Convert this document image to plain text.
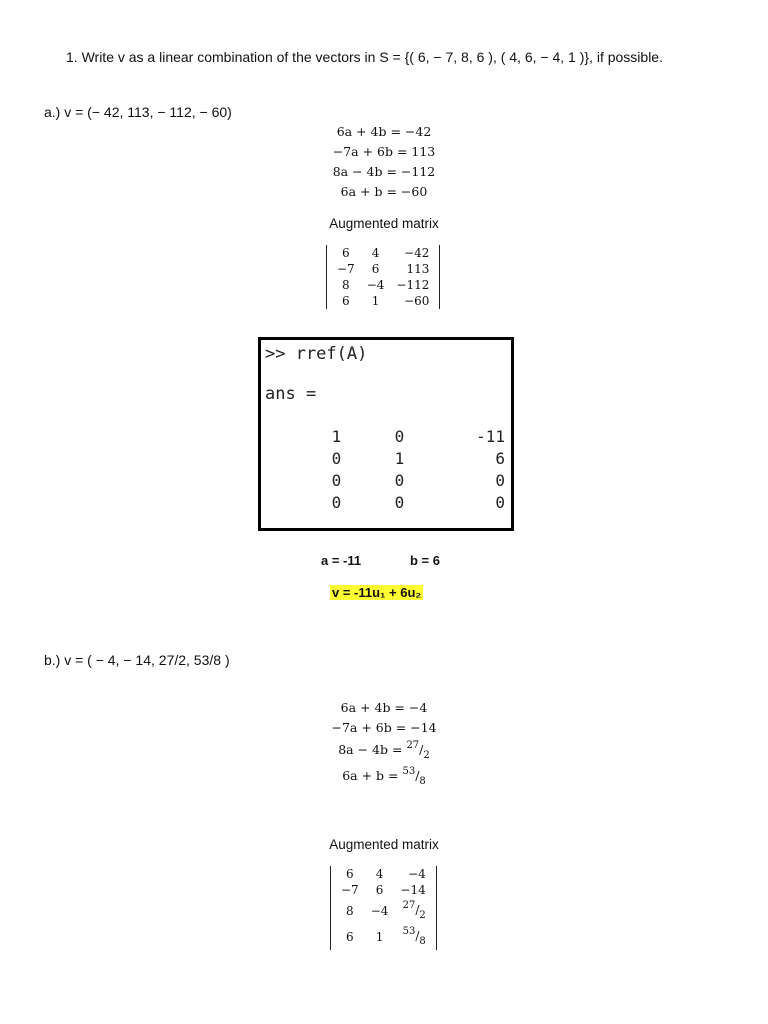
1. Write v as a linear combination of the vectors in S = {( 6, − 7, 8, 6 ), ( 4, 6, − 4, 1 )}, if possible.
a.) v = (− 42, 113, − 112, − 60)
6a + 4b = −42
−7a + 6b = 113
8a − 4b = −112
6a + b = −60
Augmented matrix
6	4	−42
−7	6	113
8	−4	−112
6	1	−60
>> rref(A)
ans =
1	0	-11
0	1	6
0	0	0
0	0	0
a = -11	b = 6
v = -11u₁ + 6u₂
b.) v = ( − 4, − 14, 27/2, 53/8 )
6a + 4b = −4
−7a + 6b = −14
$8a - 4b = ^{27}/_2$
$6a + b = ^{53}/_8$
Augmented matrix
6	4	−4
−7	6	−14
8	−4	$^{27}/_2$
6	1	$^{53}/_8$
